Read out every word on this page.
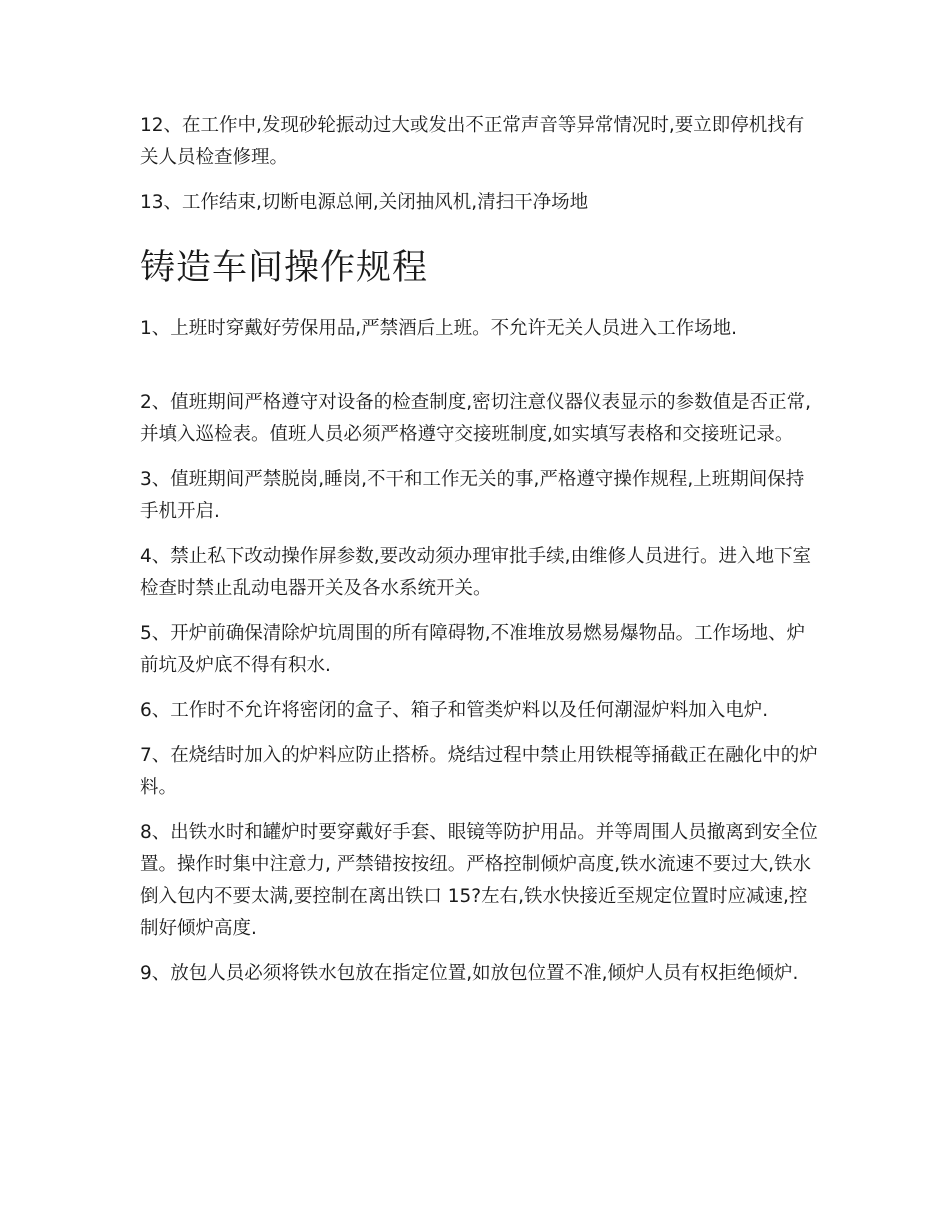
12、在工作中,发现砂轮振动过大或发出不正常声音等异常情况时,要立即停机找有关人员检查修理。

13、工作结束,切断电源总闸,关闭抽风机,清扫干净场地

铸造车间操作规程

1、上班时穿戴好劳保用品,严禁酒后上班。不允许无关人员进入工作场地.

2、值班期间严格遵守对设备的检查制度,密切注意仪器仪表显示的参数值是否正常,并填入巡检表。值班人员必须严格遵守交接班制度,如实填写表格和交接班记录。

3、值班期间严禁脱岗,睡岗,不干和工作无关的事,严格遵守操作规程,上班期间保持手机开启.

4、禁止私下改动操作屏参数,要改动须办理审批手续,由维修人员进行。进入地下室检查时禁止乱动电器开关及各水系统开关。

5、开炉前确保清除炉坑周围的所有障碍物,不准堆放易燃易爆物品。工作场地、炉前坑及炉底不得有积水.

6、工作时不允许将密闭的盒子、箱子和管类炉料以及任何潮湿炉料加入电炉.

7、在烧结时加入的炉料应防止搭桥。烧结过程中禁止用铁棍等捅截正在融化中的炉料。

8、出铁水时和罐炉时要穿戴好手套、眼镜等防护用品。并等周围人员撤离到安全位置。操作时集中注意力, 严禁错按按纽。严格控制倾炉高度,铁水流速不要过大,铁水倒入包内不要太满,要控制在离出铁口 15?左右,铁水快接近至规定位置时应减速,控制好倾炉高度.

9、放包人员必须将铁水包放在指定位置,如放包位置不准,倾炉人员有权拒绝倾炉.
